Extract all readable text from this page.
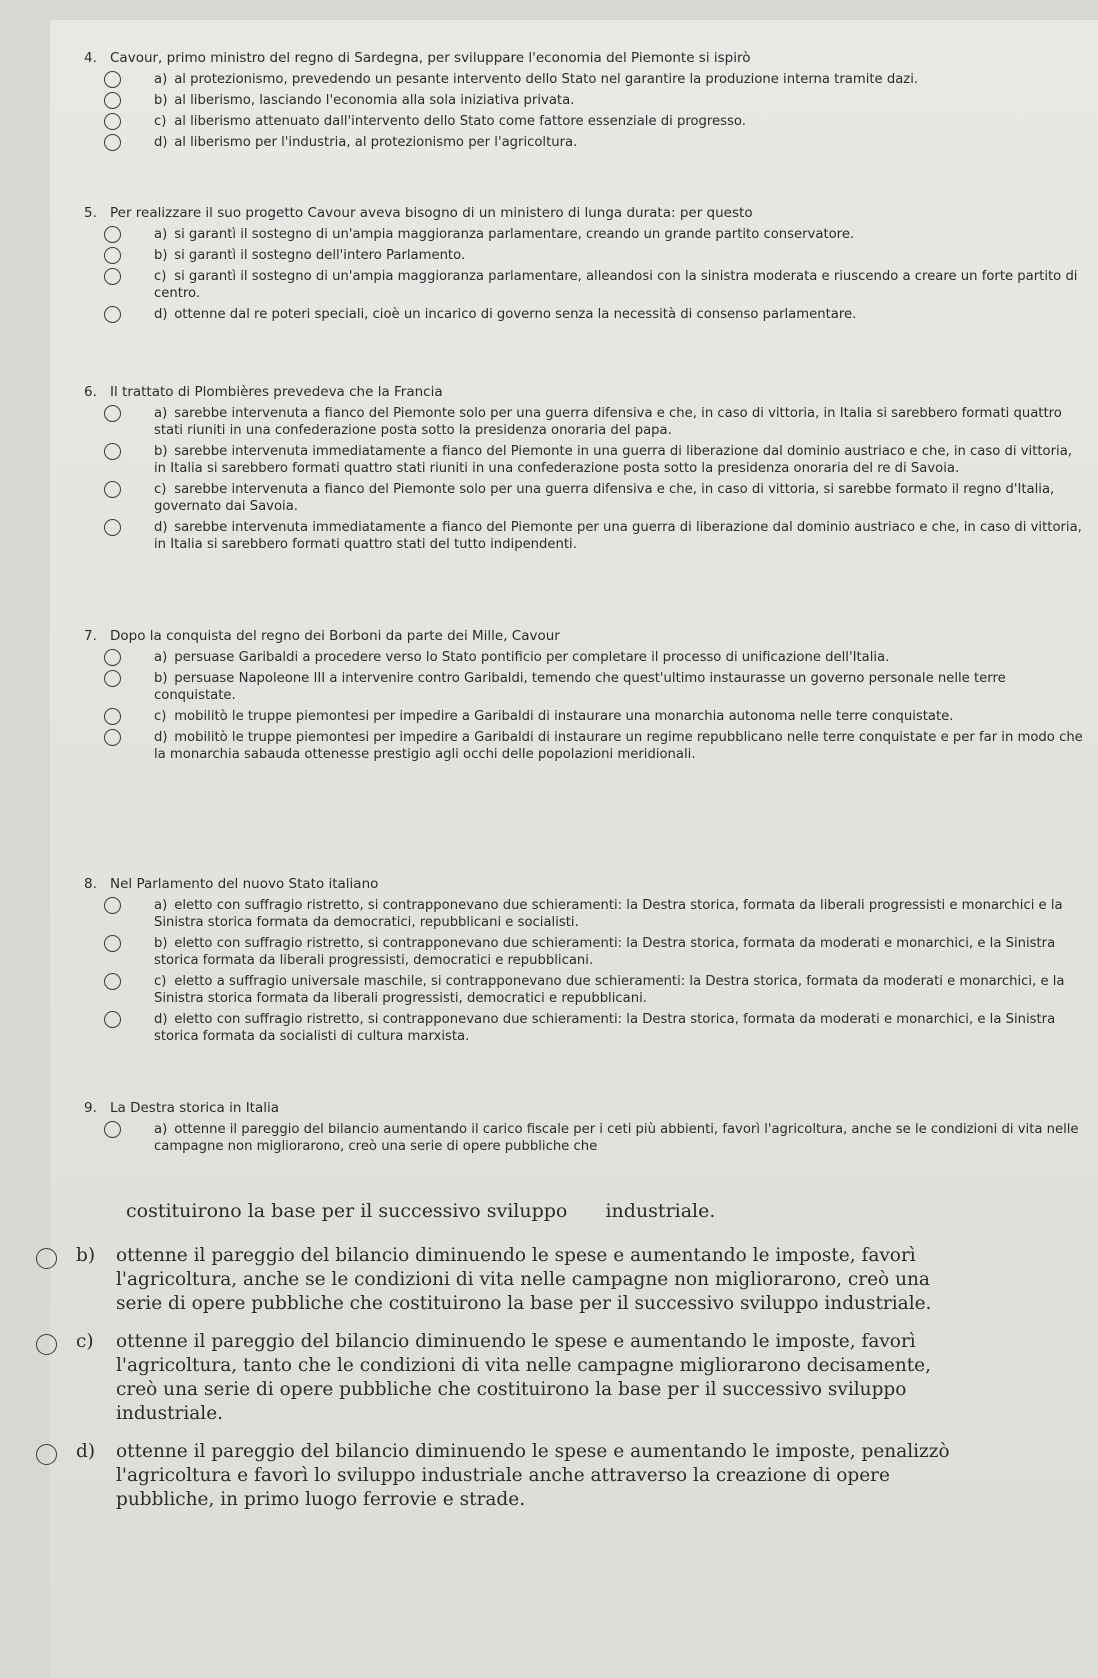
4. Cavour, primo ministro del regno di Sardegna, per sviluppare l'economia del Piemonte si ispirò
a) al protezionismo, prevedendo un pesante intervento dello Stato nel garantire la produzione interna tramite dazi.
b) al liberismo, lasciando l'economia alla sola iniziativa privata.
c) al liberismo attenuato dall'intervento dello Stato come fattore essenziale di progresso.
d) al liberismo per l'industria, al protezionismo per l'agricoltura.
5. Per realizzare il suo progetto Cavour aveva bisogno di un ministero di lunga durata: per questo
a) si garantì il sostegno di un'ampia maggioranza parlamentare, creando un grande partito conservatore.
b) si garantì il sostegno dell'intero Parlamento.
c) si garantì il sostegno di un'ampia maggioranza parlamentare, alleandosi con la sinistra moderata e riuscendo a creare un forte partito di centro.
d) ottenne dal re poteri speciali, cioè un incarico di governo senza la necessità di consenso parlamentare.
6. Il trattato di Plombières prevedeva che la Francia
a) sarebbe intervenuta a fianco del Piemonte solo per una guerra difensiva e che, in caso di vittoria, in Italia si sarebbero formati quattro stati riuniti in una confederazione posta sotto la presidenza onoraria del papa.
b) sarebbe intervenuta immediatamente a fianco del Piemonte in una guerra di liberazione dal dominio austriaco e che, in caso di vittoria, in Italia si sarebbero formati quattro stati riuniti in una confederazione posta sotto la presidenza onoraria del re di Savoia.
c) sarebbe intervenuta a fianco del Piemonte solo per una guerra difensiva e che, in caso di vittoria, si sarebbe formato il regno d'Italia, governato dai Savoia.
d) sarebbe intervenuta immediatamente a fianco del Piemonte per una guerra di liberazione dal dominio austriaco e che, in caso di vittoria, in Italia si sarebbero formati quattro stati del tutto indipendenti.
7. Dopo la conquista del regno dei Borboni da parte dei Mille, Cavour
a) persuase Garibaldi a procedere verso lo Stato pontificio per completare il processo di unificazione dell'Italia.
b) persuase Napoleone III a intervenire contro Garibaldi, temendo che quest'ultimo instaurasse un governo personale nelle terre conquistate.
c) mobilitò le truppe piemontesi per impedire a Garibaldi di instaurare una monarchia autonoma nelle terre conquistate.
d) mobilitò le truppe piemontesi per impedire a Garibaldi di instaurare un regime repubblicano nelle terre conquistate e per far in modo che la monarchia sabauda ottenesse prestigio agli occhi delle popolazioni meridionali.
8. Nel Parlamento del nuovo Stato italiano
a) eletto con suffragio ristretto, si contrapponevano due schieramenti: la Destra storica, formata da liberali progressisti e monarchici e la Sinistra storica formata da democratici, repubblicani e socialisti.
b) eletto con suffragio ristretto, si contrapponevano due schieramenti: la Destra storica, formata da moderati e monarchici, e la Sinistra storica formata da liberali progressisti, democratici e repubblicani.
c) eletto a suffragio universale maschile, si contrapponevano due schieramenti: la Destra storica, formata da moderati e monarchici, e la Sinistra storica formata da liberali progressisti, democratici e repubblicani.
d) eletto con suffragio ristretto, si contrapponevano due schieramenti: la Destra storica, formata da moderati e monarchici, e la Sinistra storica formata da socialisti di cultura marxista.
9. La Destra storica in Italia
a) ottenne il pareggio del bilancio aumentando il carico fiscale per i ceti più abbienti, favorì l'agricoltura, anche se le condizioni di vita nelle campagne non migliorarono, creò una serie di opere pubbliche che
costituirono la base per il successivo sviluppo industriale.
b) ottenne il pareggio del bilancio diminuendo le spese e aumentando le imposte, favorì l'agricoltura, anche se le condizioni di vita nelle campagne non migliorarono, creò una serie di opere pubbliche che costituirono la base per il successivo sviluppo industriale.
c) ottenne il pareggio del bilancio diminuendo le spese e aumentando le imposte, favorì l'agricoltura, tanto che le condizioni di vita nelle campagne migliorarono decisamente, creò una serie di opere pubbliche che costituirono la base per il successivo sviluppo industriale.
d) ottenne il pareggio del bilancio diminuendo le spese e aumentando le imposte, penalizzò l'agricoltura e favorì lo sviluppo industriale anche attraverso la creazione di opere pubbliche, in primo luogo ferrovie e strade.
